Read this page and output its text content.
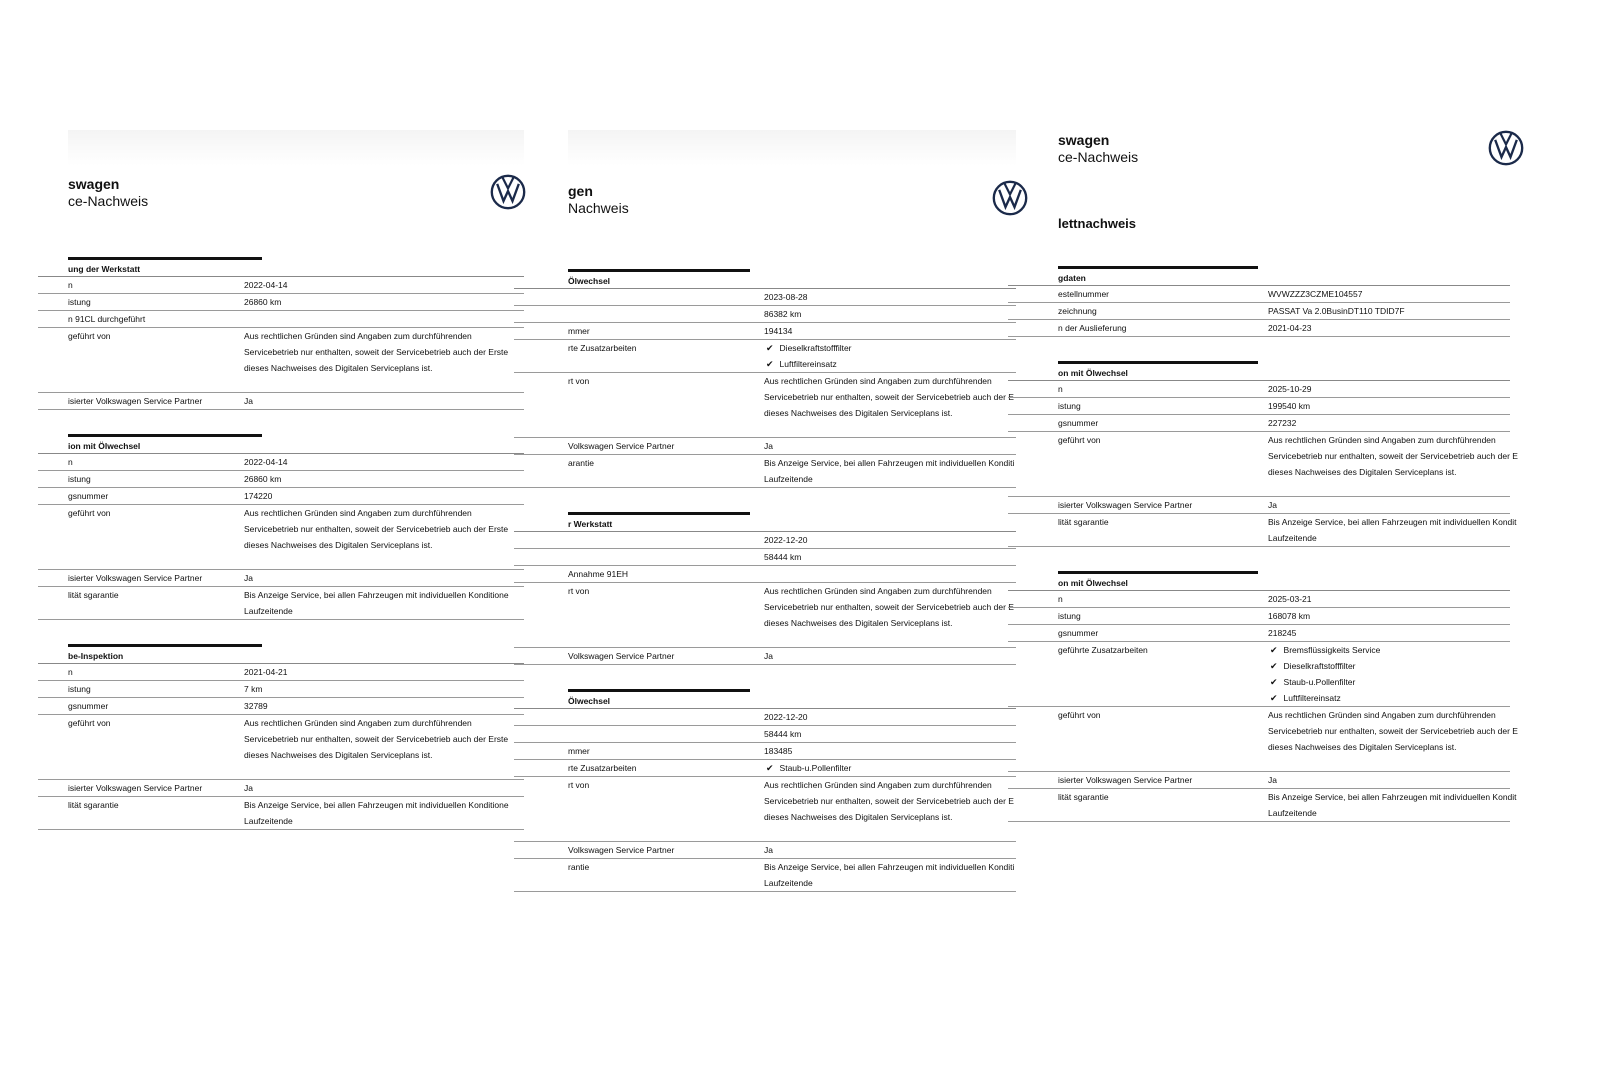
swagen
ce-Nachweis
ung der Werkstatt
n	2022-04-14
istung	26860 km
n 91CL durchgeführt
geführt von	Aus rechtlichen Gründen sind Angaben zum durchführenden
Servicebetrieb nur enthalten, soweit der Servicebetrieb auch der Erste
dieses Nachweises des Digitalen Serviceplans ist.
isierter Volkswagen Service Partner	Ja
ion mit Ölwechsel
n	2022-04-14
istung	26860 km
gsnummer	174220
geführt von	Aus rechtlichen Gründen sind Angaben zum durchführenden
Servicebetrieb nur enthalten, soweit der Servicebetrieb auch der Erste
dieses Nachweises des Digitalen Serviceplans ist.
isierter Volkswagen Service Partner	Ja
lität sgarantie	Bis Anzeige Service, bei allen Fahrzeugen mit individuellen Konditione
Laufzeitende
be-Inspektion
n	2021-04-21
istung	7 km
gsnummer	32789
geführt von	Aus rechtlichen Gründen sind Angaben zum durchführenden
Servicebetrieb nur enthalten, soweit der Servicebetrieb auch der Erste
dieses Nachweises des Digitalen Serviceplans ist.
isierter Volkswagen Service Partner	Ja
lität sgarantie	Bis Anzeige Service, bei allen Fahrzeugen mit individuellen Konditione
Laufzeitende
gen
Nachweis
Ölwechsel
2023-08-28
86382 km
mmer	194134
rte Zusatzarbeiten	✔ Dieselkraftstofffilter
✔ Luftfiltereinsatz
rt von	Aus rechtlichen Gründen sind Angaben zum durchführenden
Servicebetrieb nur enthalten, soweit der Servicebetrieb auch der E
dieses Nachweises des Digitalen Serviceplans ist.
Volkswagen Service Partner	Ja
arantie	Bis Anzeige Service, bei allen Fahrzeugen mit individuellen Konditi
Laufzeitende
r Werkstatt
2022-12-20
58444 km
Annahme 91EH
rt von	Aus rechtlichen Gründen sind Angaben zum durchführenden
Servicebetrieb nur enthalten, soweit der Servicebetrieb auch der E
dieses Nachweises des Digitalen Serviceplans ist.
Volkswagen Service Partner	Ja
Ölwechsel
2022-12-20
58444 km
mmer	183485
rte Zusatzarbeiten	✔ Staub-u.Pollenfilter
rt von	Aus rechtlichen Gründen sind Angaben zum durchführenden
Servicebetrieb nur enthalten, soweit der Servicebetrieb auch der E
dieses Nachweises des Digitalen Serviceplans ist.
Volkswagen Service Partner	Ja
rantie	Bis Anzeige Service, bei allen Fahrzeugen mit individuellen Konditi
Laufzeitende
swagen
ce-Nachweis
lettnachweis
gdaten
estellnummer	WVWZZZ3CZME104557
zeichnung	PASSAT Va 2.0BusinDT110 TDID7F
n der Auslieferung	2021-04-23
on mit Ölwechsel
n	2025-10-29
istung	199540 km
gsnummer	227232
geführt von	Aus rechtlichen Gründen sind Angaben zum durchführenden
Servicebetrieb nur enthalten, soweit der Servicebetrieb auch der E
dieses Nachweises des Digitalen Serviceplans ist.
isierter Volkswagen Service Partner	Ja
lität sgarantie	Bis Anzeige Service, bei allen Fahrzeugen mit individuellen Kondit
Laufzeitende
on mit Ölwechsel
n	2025-03-21
istung	168078 km
gsnummer	218245
geführte Zusatzarbeiten	✔ Bremsflüssigkeits Service
✔ Dieselkraftstofffilter
✔ Staub-u.Pollenfilter
✔ Luftfiltereinsatz
geführt von	Aus rechtlichen Gründen sind Angaben zum durchführenden
Servicebetrieb nur enthalten, soweit der Servicebetrieb auch der E
dieses Nachweises des Digitalen Serviceplans ist.
isierter Volkswagen Service Partner	Ja
lität sgarantie	Bis Anzeige Service, bei allen Fahrzeugen mit individuellen Kondit
Laufzeitende
